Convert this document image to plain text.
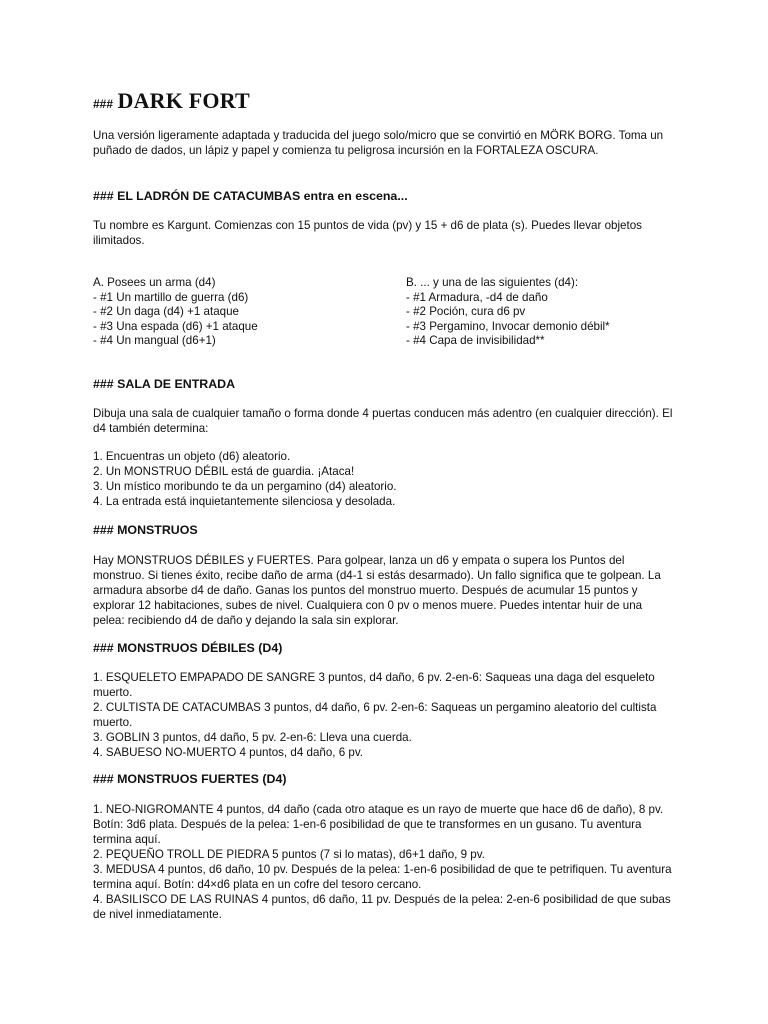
### DARK FORT
Una versión ligeramente adaptada y traducida del juego solo/micro que se convirtió en MÖRK BORG. Toma un
puñado de dados, un lápiz y papel y comienza tu peligrosa incursión en la FORTALEZA OSCURA.
### EL LADRÓN DE CATACUMBAS entra en escena...
Tu nombre es Kargunt. Comienzas con 15 puntos de vida (pv) y 15 + d6 de plata (s). Puedes llevar objetos
ilimitados.
A. Posees un arma (d4)
- #1 Un martillo de guerra (d6)
- #2 Un daga (d4) +1 ataque
- #3 Una espada (d6) +1 ataque
- #4 Un mangual (d6+1)
B. ... y una de las siguientes (d4):
- #1 Armadura, -d4 de daño
- #2 Poción, cura d6 pv
- #3 Pergamino, Invocar demonio débil*
- #4 Capa de invisibilidad**
### SALA DE ENTRADA
Dibuja una sala de cualquier tamaño o forma donde 4 puertas conducen más adentro (en cualquier dirección). El
d4 también determina:
1. Encuentras un objeto (d6) aleatorio.
2. Un MONSTRUO DÉBIL está de guardia. ¡Ataca!
3. Un místico moribundo te da un pergamino (d4) aleatorio.
4. La entrada está inquietantemente silenciosa y desolada.
### MONSTRUOS
Hay MONSTRUOS DÉBILES y FUERTES. Para golpear, lanza un d6 y empata o supera los Puntos del
monstruo. Si tienes éxito, recibe daño de arma (d4-1 si estás desarmado). Un fallo significa que te golpean. La
armadura absorbe d4 de daño. Ganas los puntos del monstruo muerto. Después de acumular 15 puntos y
explorar 12 habitaciones, subes de nivel. Cualquiera con 0 pv o menos muere. Puedes intentar huir de una
pelea: recibiendo d4 de daño y dejando la sala sin explorar.
### MONSTRUOS DÉBILES (D4)
1. ESQUELETO EMPAPADO DE SANGRE 3 puntos, d4 daño, 6 pv. 2-en-6: Saqueas una daga del esqueleto
muerto.
2. CULTISTA DE CATACUMBAS 3 puntos, d4 daño, 6 pv. 2-en-6: Saqueas un pergamino aleatorio del cultista
muerto.
3. GOBLIN 3 puntos, d4 daño, 5 pv. 2-en-6: Lleva una cuerda.
4. SABUESO NO-MUERTO 4 puntos, d4 daño, 6 pv.
### MONSTRUOS FUERTES (D4)
1. NEO-NIGROMANTE 4 puntos, d4 daño (cada otro ataque es un rayo de muerte que hace d6 de daño), 8 pv.
Botín: 3d6 plata. Después de la pelea: 1-en-6 posibilidad de que te transformes en un gusano. Tu aventura
termina aquí.
2. PEQUEÑO TROLL DE PIEDRA 5 puntos (7 si lo matas), d6+1 daño, 9 pv.
3. MEDUSA 4 puntos, d6 daño, 10 pv. Después de la pelea: 1-en-6 posibilidad de que te petrifiquen. Tu aventura
termina aquí. Botín: d4×d6 plata en un cofre del tesoro cercano.
4. BASILISCO DE LAS RUINAS 4 puntos, d6 daño, 11 pv. Después de la pelea: 2-en-6 posibilidad de que subas
de nivel inmediatamente.
